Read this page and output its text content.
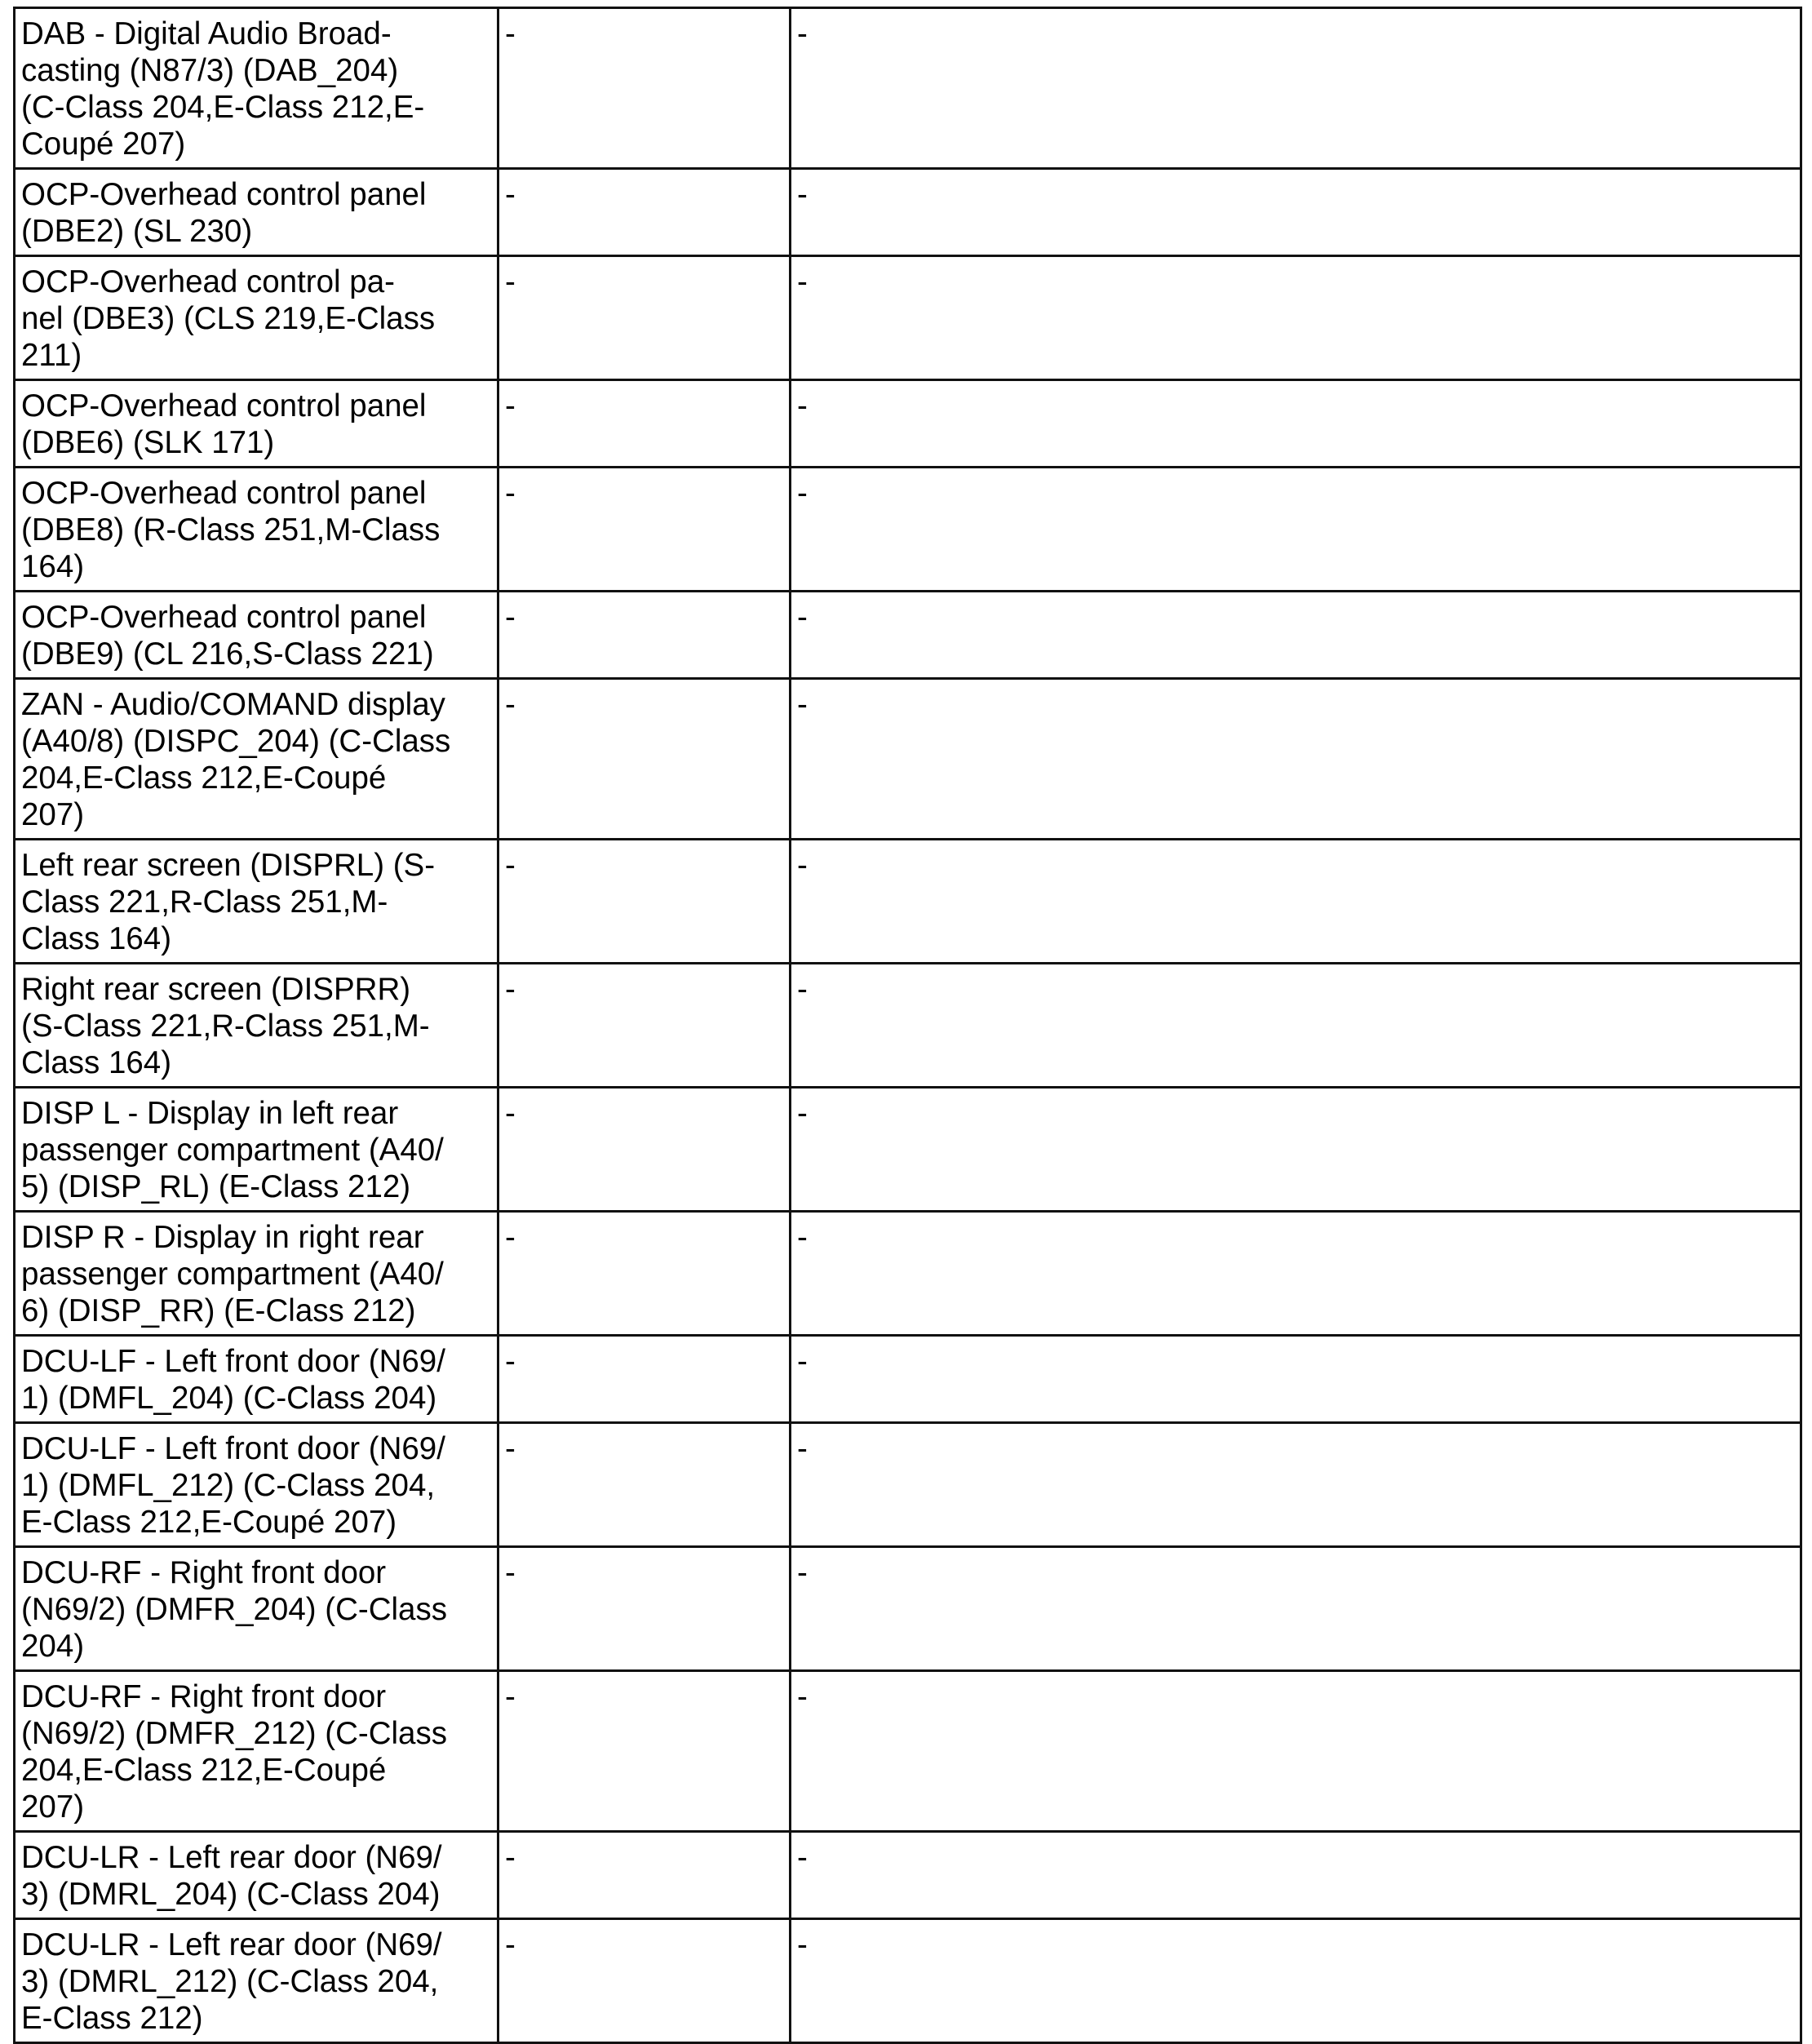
DAB - Digital Audio Broad-
casting (N87/3) (DAB_204)
(C-Class 204,E-Class 212,E-
Coupé 207)	-	-

OCP-Overhead control panel
(DBE2) (SL 230)	-	-

OCP-Overhead control pa-
nel (DBE3) (CLS 219,E-Class
211)	-	-

OCP-Overhead control panel
(DBE6) (SLK 171)	-	-

OCP-Overhead control panel
(DBE8) (R-Class 251,M-Class
164)	-	-

OCP-Overhead control panel
(DBE9) (CL 216,S-Class 221)	-	-

ZAN - Audio/COMAND display
(A40/8) (DISPC_204) (C-Class
204,E-Class 212,E-Coupé
207)	-	-

Left rear screen (DISPRL) (S-
Class 221,R-Class 251,M-
Class 164)	-	-

Right rear screen (DISPRR)
(S-Class 221,R-Class 251,M-
Class 164)	-	-

DISP L - Display in left rear
passenger compartment (A40/
5) (DISP_RL) (E-Class 212)	-	-

DISP R - Display in right rear
passenger compartment (A40/
6) (DISP_RR) (E-Class 212)	-	-

DCU-LF - Left front door (N69/
1) (DMFL_204) (C-Class 204)	-	-

DCU-LF - Left front door (N69/
1) (DMFL_212) (C-Class 204,
E-Class 212,E-Coupé 207)	-	-

DCU-RF - Right front door
(N69/2) (DMFR_204) (C-Class
204)	-	-

DCU-RF - Right front door
(N69/2) (DMFR_212) (C-Class
204,E-Class 212,E-Coupé
207)	-	-

DCU-LR - Left rear door (N69/
3) (DMRL_204) (C-Class 204)	-	-

DCU-LR - Left rear door (N69/
3) (DMRL_212) (C-Class 204,
E-Class 212)	-	-
